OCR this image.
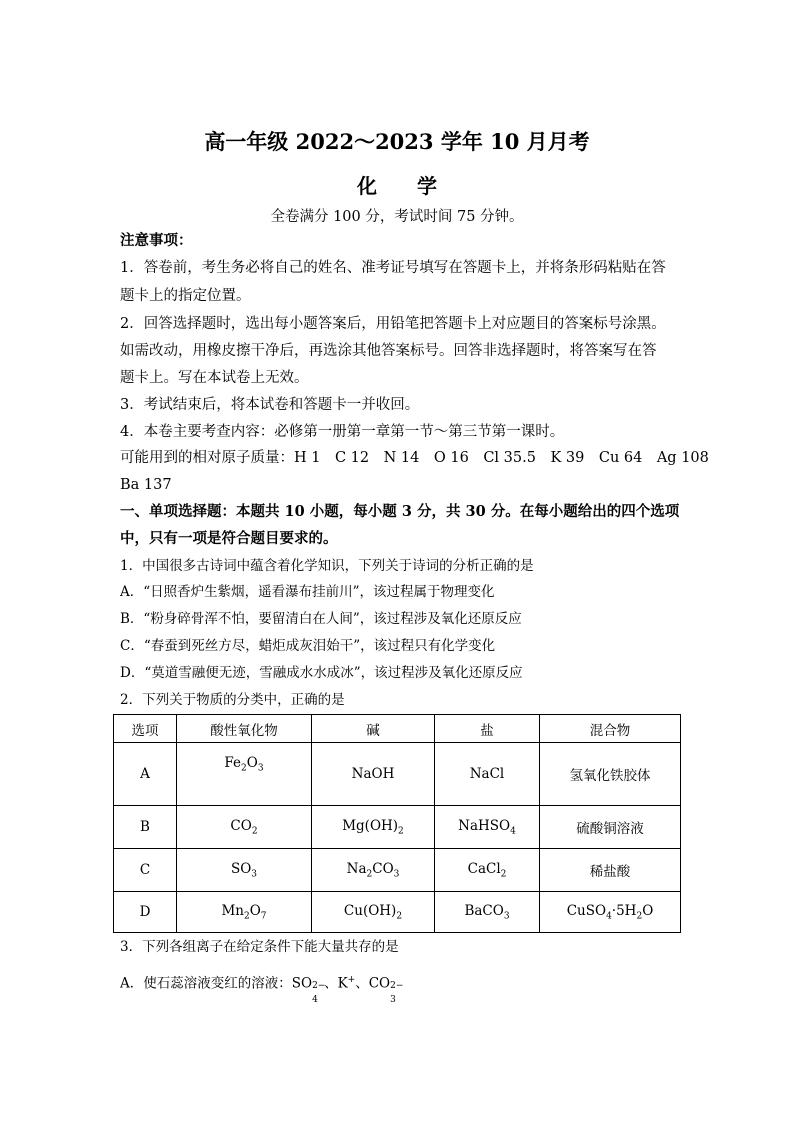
高一年级 2022～2023 学年 10 月月考
化　　学
全卷满分 100 分，考试时间 75 分钟。
注意事项：
1．答卷前，考生务必将自己的姓名、准考证号填写在答题卡上，并将条形码粘贴在答
题卡上的指定位置。
2．回答选择题时，选出每小题答案后，用铅笔把答题卡上对应题目的答案标号涂黑。
如需改动，用橡皮擦干净后，再选涂其他答案标号。回答非选择题时，将答案写在答
题卡上。写在本试卷上无效。
3．考试结束后，将本试卷和答题卡一并收回。
4．本卷主要考查内容：必修第一册第一章第一节～第三节第一课时。
可能用到的相对原子质量：H 1　C 12　N 14　O 16　Cl 35.5　K 39　Cu 64　Ag 108
Ba 137
一、单项选择题：本题共 10 小题，每小题 3 分，共 30 分。在每小题给出的四个选项
中，只有一项是符合题目要求的。
1．中国很多古诗词中蕴含着化学知识，下列关于诗词的分析正确的是
A．“日照香炉生紫烟，遥看瀑布挂前川”，该过程属于物理变化
B．“粉身碎骨浑不怕，要留清白在人间”，该过程涉及氧化还原反应
C．“春蚕到死丝方尽，蜡炬成灰泪始干”，该过程只有化学变化
D．“莫道雪融便无迹，雪融成水水成冰”，该过程涉及氧化还原反应
2．下列关于物质的分类中，正确的是
选项	酸性氧化物	碱	盐	混合物
A	$Fe_2O_3$	NaOH	NaCl	氢氧化铁胶体
B	$CO_2$	$Mg(OH)_2$	NaHSO$_4$	硫酸铜溶液
C	$SO_3$	$Na_2CO_3$	CaCl$_2$	稀盐酸
D	$Mn_2O_7$	$Cu(OH)_2$	BaCO$_3$	$CuSO_4\cdot 5H_2O$
3．下列各组离子在给定条件下能大量共存的是
A．使石蕊溶液变红的溶液：SO 2−
4
、K+、CO 2−
3
